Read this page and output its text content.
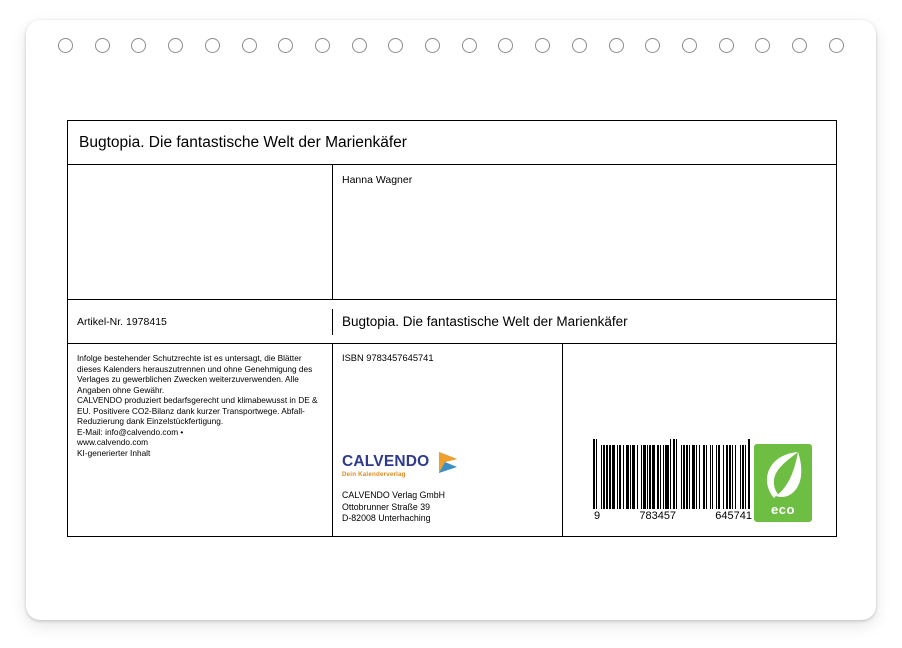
Bugtopia. Die fantastische Welt der Marienkäfer
Hanna Wagner
Artikel-Nr. 1978415	Bugtopia. Die fantastische Welt der Marienkäfer
Infolge bestehender Schutzrechte ist es untersagt, die Blätter dieses Kalenders herauszutrennen und ohne Genehmigung des Verlages zu gewerblichen Zwecken weiterzuverwenden. Alle Angaben ohne Gewähr.
CALVENDO produziert bedarfsgerecht und klimabewusst in DE & EU. Positivere CO2-Bilanz dank kurzer Transportwege. Abfall-Reduzierung dank Einzelstückfertigung.
E-Mail: info@calvendo.com •
www.calvendo.com
KI-generierter Inhalt
ISBN 9783457645741
CALVENDO
Dein Kalenderverlag
CALVENDO Verlag GmbH
Ottobrunner Straße 39
D-82008 Unterhaching	9	783457	645741	eco
